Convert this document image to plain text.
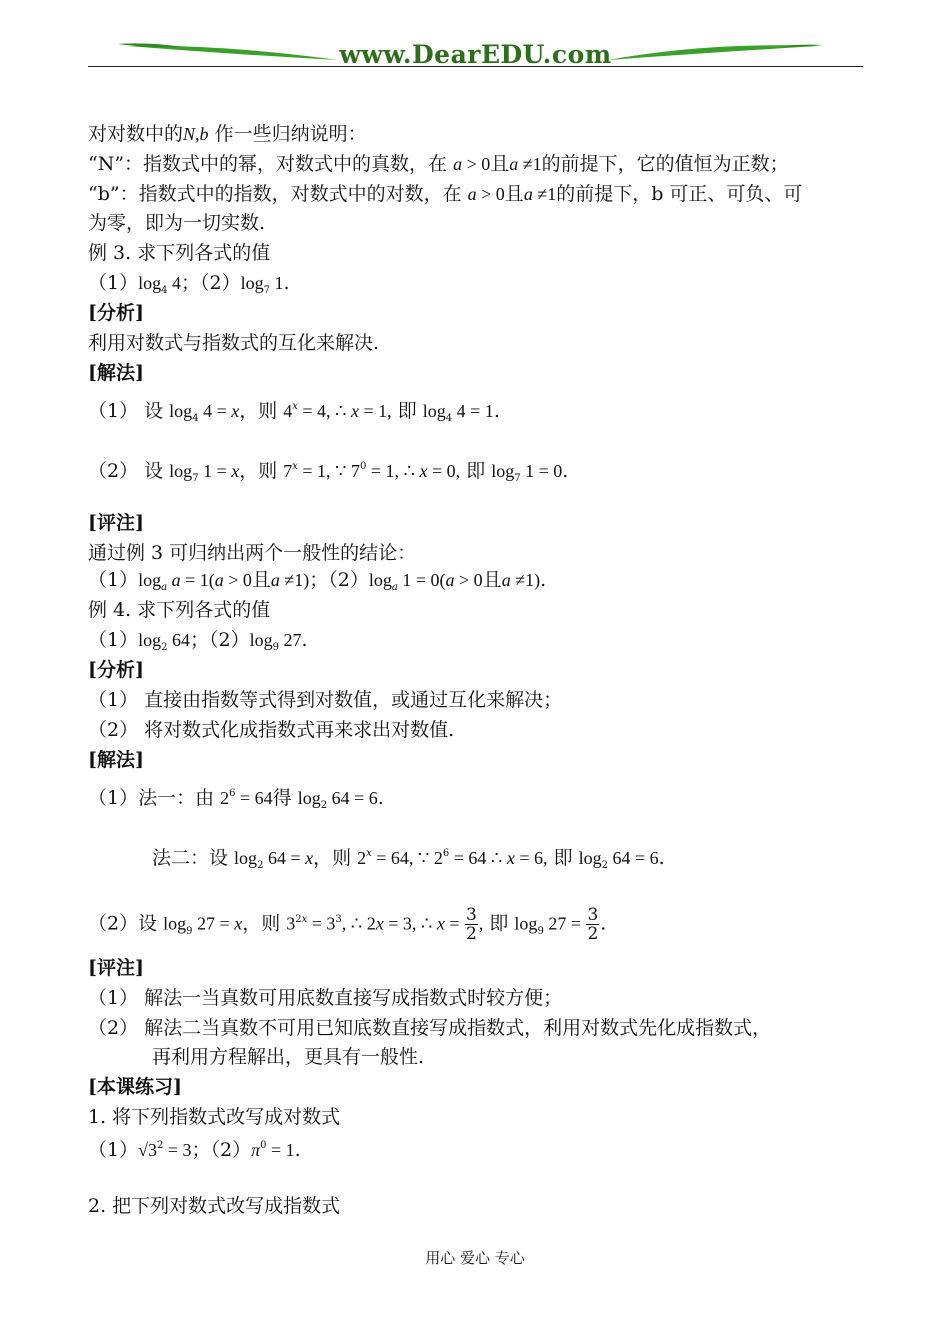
www.DearEDU.com
对对数中的N,b 作一些归纳说明：
“N”：指数式中的幂，对数式中的真数，在 a > 0且a ≠1的前提下，它的值恒为正数；
“b”：指数式中的指数，对数式中的对数，在 a > 0且a ≠1的前提下，b 可正、可负、可
为零，即为一切实数.
例 3. 求下列各式的值
$(1)\log_4$ 4；$(2)\log_7$ 1.
[分析]
利用对数式与指数式的互化来解决.
[解法]
（1） 设 $\log_4 4 = x$，则 $4^x = 4$, ∴ x = 1, 即 $\log_4 4 = 1$.
（2） 设 $\log_7 1 = x$，则 $7^x = 1$, ∵ $7^0 = 1$, ∴ x = 0, 即 $\log_7 1 = 0$.
[评注]
通过例 3 可归纳出两个一般性的结论：
$(1)\log_a$ a = 1(a > 0且a ≠1)；$(2)\log_a$ 1 = 0(a > 0且a ≠1).
例 4. 求下列各式的值
$(1)\log_2$ 64；$(2)\log_9$ 27.
[分析]
（1） 直接由指数等式得到对数值，或通过互化来解决；
（2） 将对数式化成指数式再来求出对数值.
[解法]
（1）法一：由 $2^6 = 64$得 $\log_2 64 = 6$.
法二：设 $\log_2 64 = x$，则 $2^x = 64$, ∵ $2^6 = 64$ ∴ x = 6, 即 $\log_2 64 = 6$.
（2）设 $\log_9 27 = x$，则 $3^{2x} = 3^3$, ∴ 2x = 3, ∴ $x = \frac{3}{2}$ , 即 $\log_9 27 = \frac{3}{2}$ .
[评注]
（1） 解法一当真数可用底数直接写成指数式时较方便；
（2） 解法二当真数不可用已知底数直接写成指数式，利用对数式先化成指数式，
再利用方程解出，更具有一般性.
[本课练习]
1. 将下列指数式改写成对数式
$(1)√3^2 = 3$；$(2)\pi^0 = 1$.
2. 把下列对数式改写成指数式
用心 爱心 专心
